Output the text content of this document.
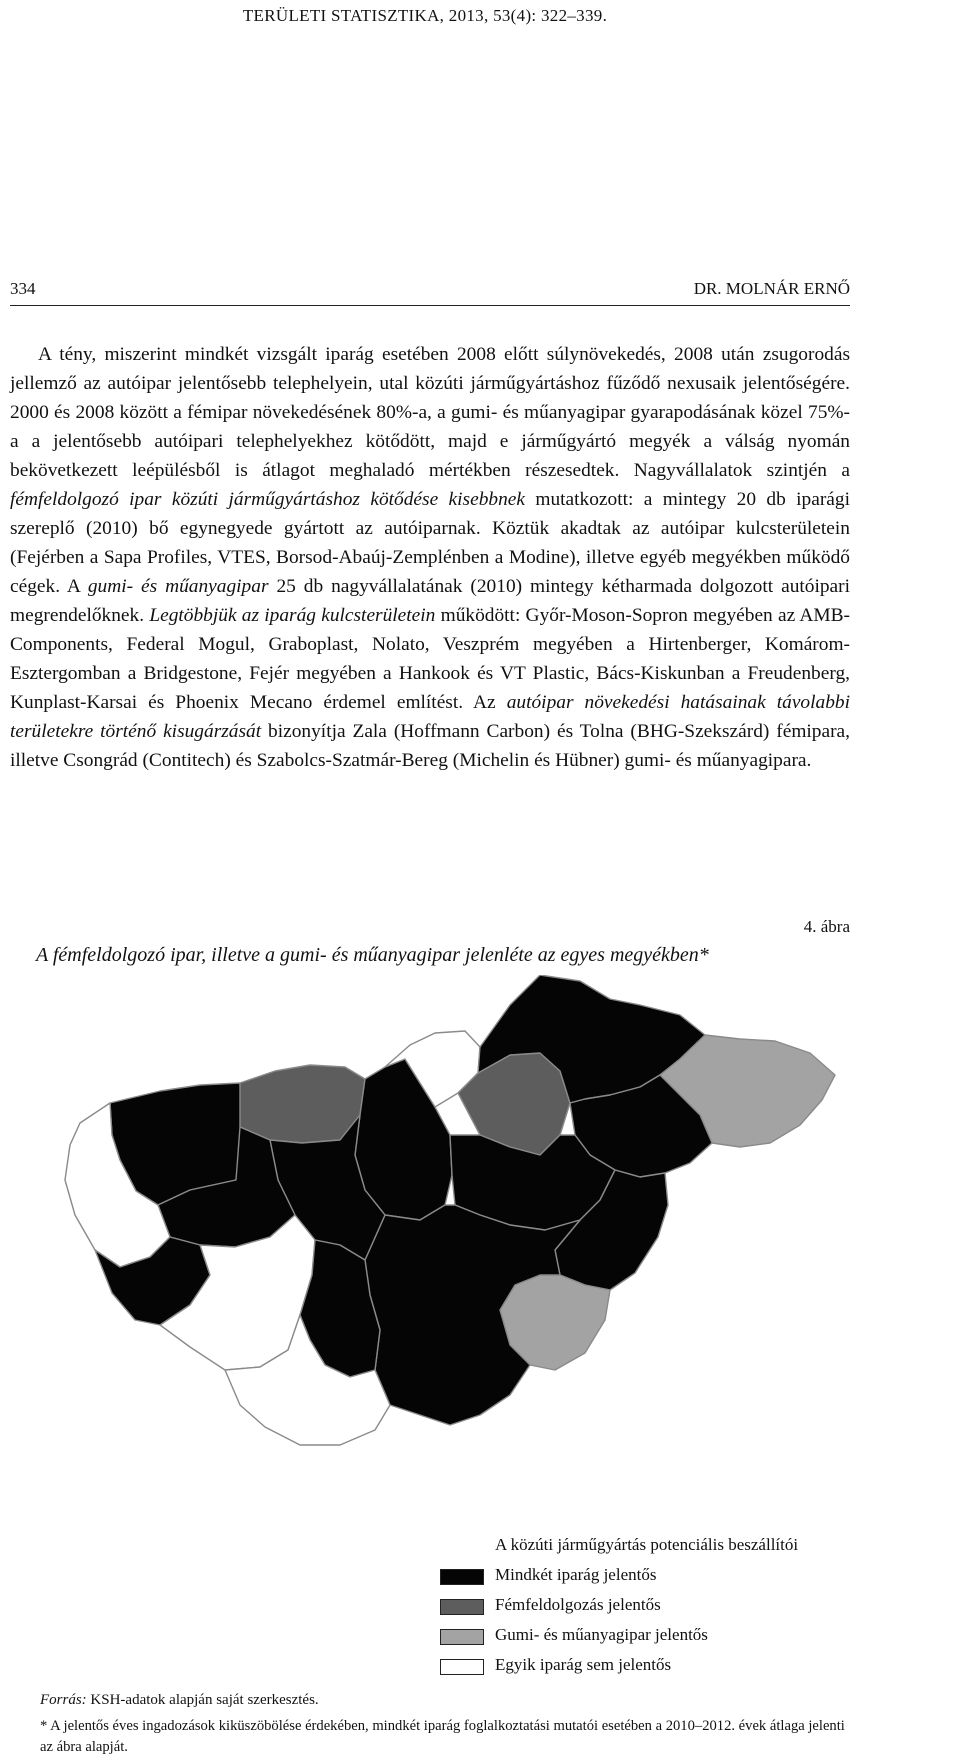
TERÜLETI STATISZTIKA, 2013, 53(4): 322–339.
334	DR. MOLNÁR ERNŐ

A tény, miszerint mindkét vizsgált iparág esetében 2008 előtt súlynövekedés, 2008 után zsugorodás jellemző az autóipar jelentősebb telephelyein, utal közúti járműgyártáshoz fűződő nexusaik jelentőségére. 2000 és 2008 között a fémipar növekedésének 80%-a, a gumi- és műanyagipar gyarapodásának közel 75%-a a jelentősebb autóipari telephelyekhez kötődött, majd e járműgyártó megyék a válság nyomán bekövetkezett leépülésből is átlagot meghaladó mértékben részesedtek. Nagyvállalatok szintjén a fémfeldolgozó ipar közúti járműgyártáshoz kötődése kisebbnek mutatkozott: a mintegy 20 db iparági szereplő (2010) bő egynegyede gyártott az autóiparnak. Köztük akadtak az autóipar kulcsterületein (Fejérben a Sapa Profiles, VTES, Borsod-Abaúj-Zemplénben a Modine), illetve egyéb megyékben működő cégek. A gumi- és műanyagipar 25 db nagyvállalatának (2010) mintegy kétharmada dolgozott autóipari megrendelőknek. Legtöbbjük az iparág kulcsterületein működött: Győr-Moson-Sopron megyében az AMB-Components, Federal Mogul, Graboplast, Nolato, Veszprém megyében a Hirtenberger, Komárom-Esztergomban a Bridgestone, Fejér megyében a Hankook és VT Plastic, Bács-Kiskunban a Freudenberg, Kunplast-Karsai és Phoenix Mecano érdemel említést. Az autóipar növekedési hatásainak távolabbi területekre történő kisugárzását bizonyítja Zala (Hoffmann Carbon) és Tolna (BHG-Szekszárd) fémipara, illetve Csongrád (Contitech) és Szabolcs-Szatmár-Bereg (Michelin és Hübner) gumi- és műanyagipara.

4. ábra
A fémfeldolgozó ipar, illetve a gumi- és műanyagipar jelenléte az egyes megyékben*
A közúti járműgyártás potenciális beszállítói
Mindkét iparág jelentős
Fémfeldolgozás jelentős
Gumi- és műanyagipar jelentős
Egyik iparág sem jelentős
Forrás: KSH-adatok alapján saját szerkesztés.
* A jelentős éves ingadozások kiküszöbölése érdekében, mindkét iparág foglalkoztatási mutatói esetében a 2010–2012. évek átlaga jelenti az ábra alapját.
